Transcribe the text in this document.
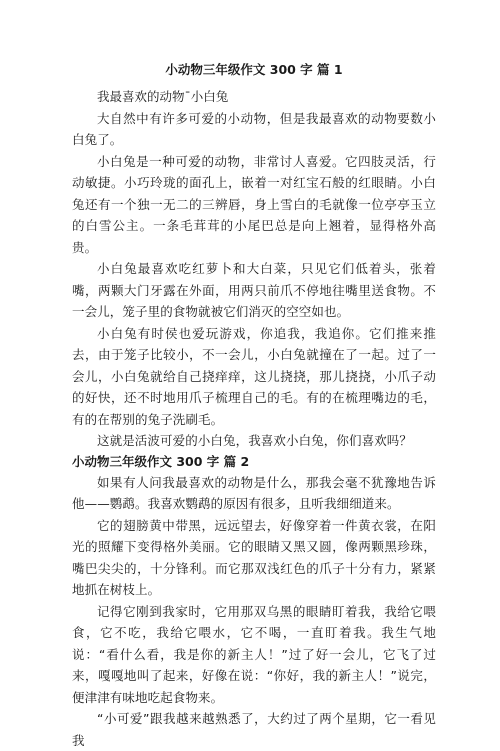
小动物三年级作文 300 字 篇 1

我最喜欢的动物¯小白兔

大自然中有许多可爱的小动物，但是我最喜欢的动物要数小白兔了。

小白兔是一种可爱的动物，非常讨人喜爱。它四肢灵活，行动敏捷。小巧玲珑的面孔上，嵌着一对红宝石般的红眼睛。小白兔还有一个独一无二的三辨唇，身上雪白的毛就像一位亭亭玉立的白雪公主。一条毛茸茸的小尾巴总是向上翘着，显得格外高贵。

小白兔最喜欢吃红萝卜和大白菜，只见它们低着头，张着嘴，两颗大门牙露在外面，用两只前爪不停地往嘴里送食物。不一会儿，笼子里的食物就被它们消灭的空空如也。

小白兔有时侯也爱玩游戏，你追我，我追你。它们推来推去，由于笼子比较小，不一会儿，小白兔就撞在了一起。过了一会儿，小白兔就给自己挠痒痒，这儿挠挠，那儿挠挠，小爪子动的好快，还不时地用爪子梳理自己的毛。有的在梳理嘴边的毛，有的在帮别的兔子洗刷毛。

这就是活波可爱的小白兔，我喜欢小白兔，你们喜欢吗？

小动物三年级作文 300 字 篇 2

如果有人问我最喜欢的动物是什么，那我会毫不犹豫地告诉他——鹦鹉。我喜欢鹦鹉的原因有很多，且听我细细道来。

它的翅膀黄中带黑，远远望去，好像穿着一件黄衣裳，在阳光的照耀下变得格外美丽。它的眼睛又黑又圆，像两颗黑珍珠，嘴巴尖尖的，十分锋利。而它那双浅红色的爪子十分有力，紧紧地抓在树枝上。

记得它刚到我家时，它用那双乌黑的眼睛盯着我，我给它喂食，它不吃，我给它喂水，它不喝，一直盯着我。我生气地说：“看什么看，我是你的新主人！”过了好一会儿，它飞了过来，嘎嘎地叫了起来，好像在说：“你好，我的新主人！”说完，便津津有味地吃起食物来。

“小可爱”跟我越来越熟悉了，大约过了两个星期，它一看见我
